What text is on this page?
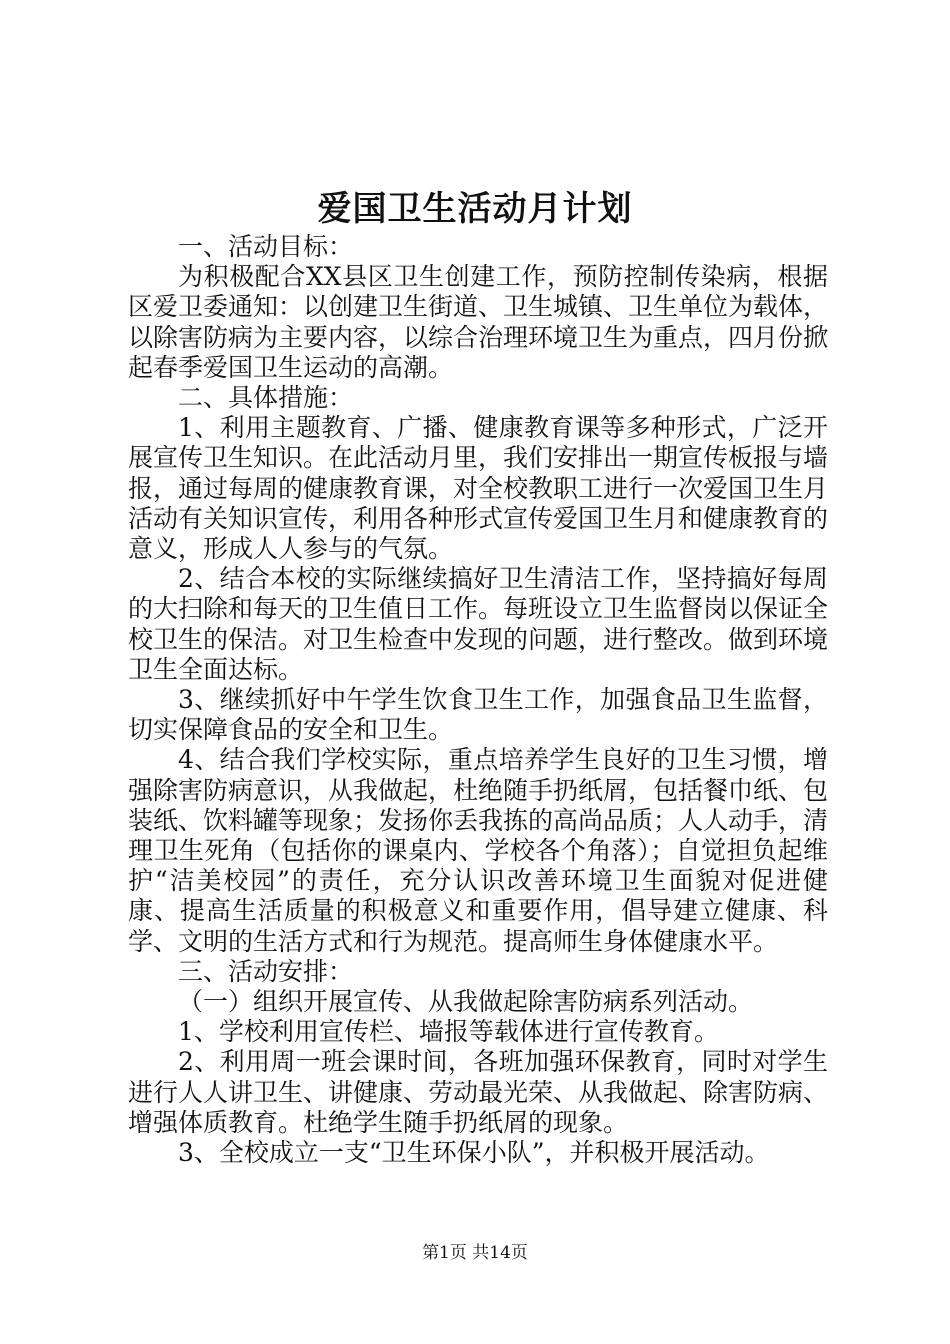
爱国卫生活动月计划

一、活动目标：

为积极配合XX县区卫生创建工作，预防控制传染病，根据区爱卫委通知：以创建卫生街道、卫生城镇、卫生单位为载体，以除害防病为主要内容，以综合治理环境卫生为重点，四月份掀起春季爱国卫生运动的高潮。

二、具体措施：

1、利用主题教育、广播、健康教育课等多种形式，广泛开展宣传卫生知识。在此活动月里，我们安排出一期宣传板报与墙报，通过每周的健康教育课，对全校教职工进行一次爱国卫生月活动有关知识宣传，利用各种形式宣传爱国卫生月和健康教育的意义，形成人人参与的气氛。

2、结合本校的实际继续搞好卫生清洁工作，坚持搞好每周的大扫除和每天的卫生值日工作。每班设立卫生监督岗以保证全校卫生的保洁。对卫生检查中发现的问题，进行整改。做到环境卫生全面达标。

3、继续抓好中午学生饮食卫生工作，加强食品卫生监督，切实保障食品的安全和卫生。

4、结合我们学校实际，重点培养学生良好的卫生习惯，增强除害防病意识，从我做起，杜绝随手扔纸屑，包括餐巾纸、包装纸、饮料罐等现象；发扬你丢我拣的高尚品质；人人动手，清理卫生死角（包括你的课桌内、学校各个角落）；自觉担负起维护“洁美校园”的责任，充分认识改善环境卫生面貌对促进健康、提高生活质量的积极意义和重要作用，倡导建立健康、科学、文明的生活方式和行为规范。提高师生身体健康水平。

三、活动安排：

（一）组织开展宣传、从我做起除害防病系列活动。

1、学校利用宣传栏、墙报等载体进行宣传教育。

2、利用周一班会课时间，各班加强环保教育，同时对学生进行人人讲卫生、讲健康、劳动最光荣、从我做起、除害防病、增强体质教育。杜绝学生随手扔纸屑的现象。

3、全校成立一支“卫生环保小队”，并积极开展活动。

第1页 共14页
